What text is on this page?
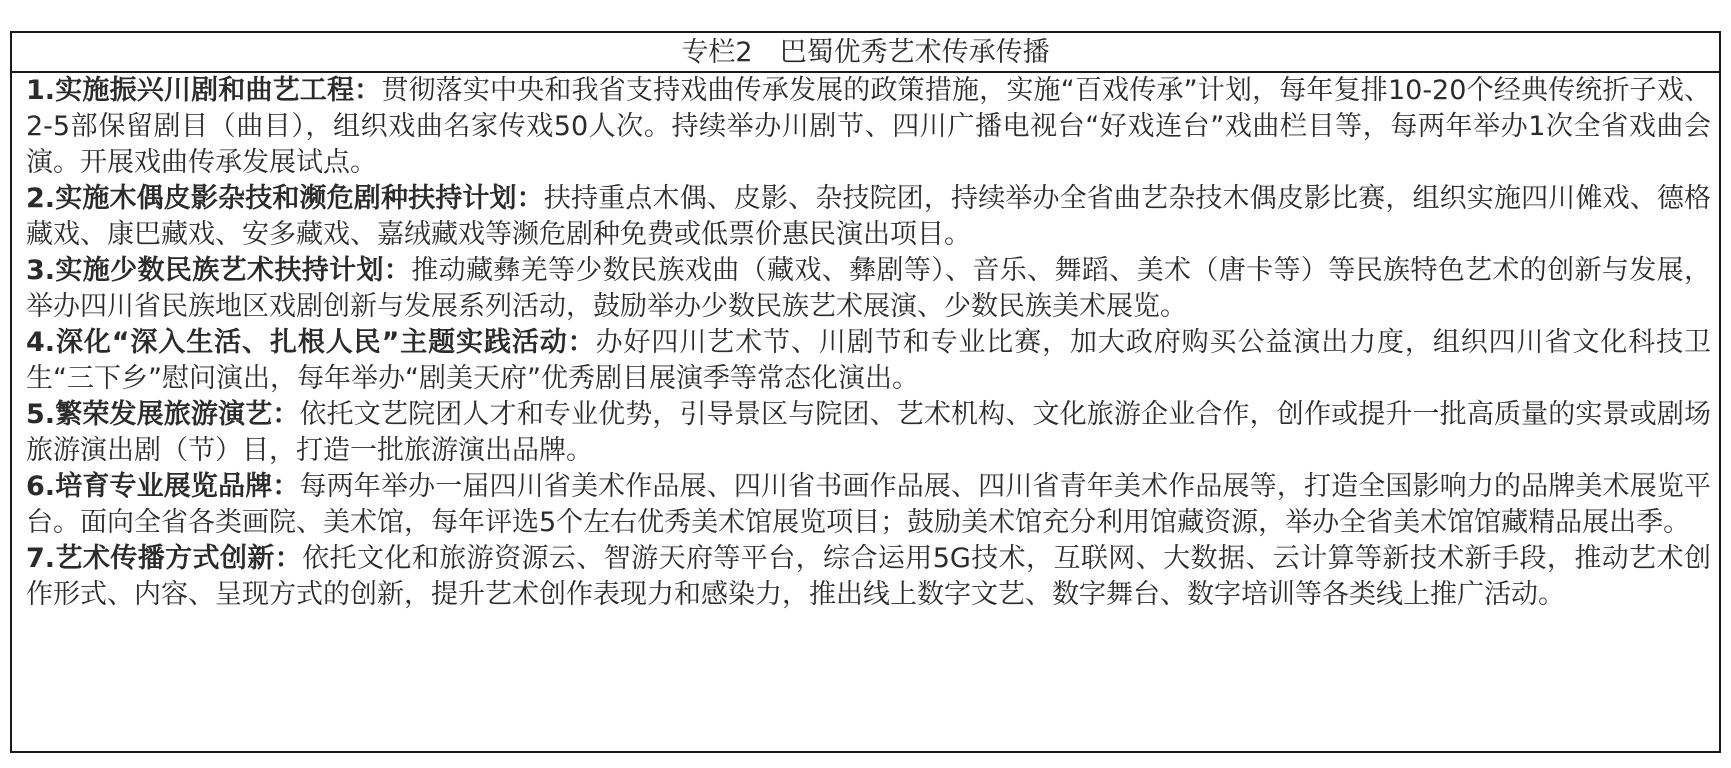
专栏2　巴蜀优秀艺术传承传播

1.实施振兴川剧和曲艺工程：贯彻落实中央和我省支持戏曲传承发展的政策措施，实施“百戏传承”计划，每年复排10-20个经典传统折子戏、2-5部保留剧目（曲目），组织戏曲名家传戏50人次。持续举办川剧节、四川广播电视台“好戏连台”戏曲栏目等，每两年举办1次全省戏曲会演。开展戏曲传承发展试点。

2.实施木偶皮影杂技和濒危剧种扶持计划：扶持重点木偶、皮影、杂技院团，持续举办全省曲艺杂技木偶皮影比赛，组织实施四川傩戏、德格藏戏、康巴藏戏、安多藏戏、嘉绒藏戏等濒危剧种免费或低票价惠民演出项目。

3.实施少数民族艺术扶持计划：推动藏彝羌等少数民族戏曲（藏戏、彝剧等）、音乐、舞蹈、美术（唐卡等）等民族特色艺术的创新与发展，举办四川省民族地区戏剧创新与发展系列活动，鼓励举办少数民族艺术展演、少数民族美术展览。

4.深化“深入生活、扎根人民”主题实践活动：办好四川艺术节、川剧节和专业比赛，加大政府购买公益演出力度，组织四川省文化科技卫生“三下乡”慰问演出，每年举办“剧美天府”优秀剧目展演季等常态化演出。

5.繁荣发展旅游演艺：依托文艺院团人才和专业优势，引导景区与院团、艺术机构、文化旅游企业合作，创作或提升一批高质量的实景或剧场旅游演出剧（节）目，打造一批旅游演出品牌。

6.培育专业展览品牌：每两年举办一届四川省美术作品展、四川省书画作品展、四川省青年美术作品展等，打造全国影响力的品牌美术展览平台。面向全省各类画院、美术馆，每年评选5个左右优秀美术馆展览项目；鼓励美术馆充分利用馆藏资源，举办全省美术馆馆藏精品展出季。

7.艺术传播方式创新：依托文化和旅游资源云、智游天府等平台，综合运用5G技术，互联网、大数据、云计算等新技术新手段，推动艺术创作形式、内容、呈现方式的创新，提升艺术创作表现力和感染力，推出线上数字文艺、数字舞台、数字培训等各类线上推广活动。
